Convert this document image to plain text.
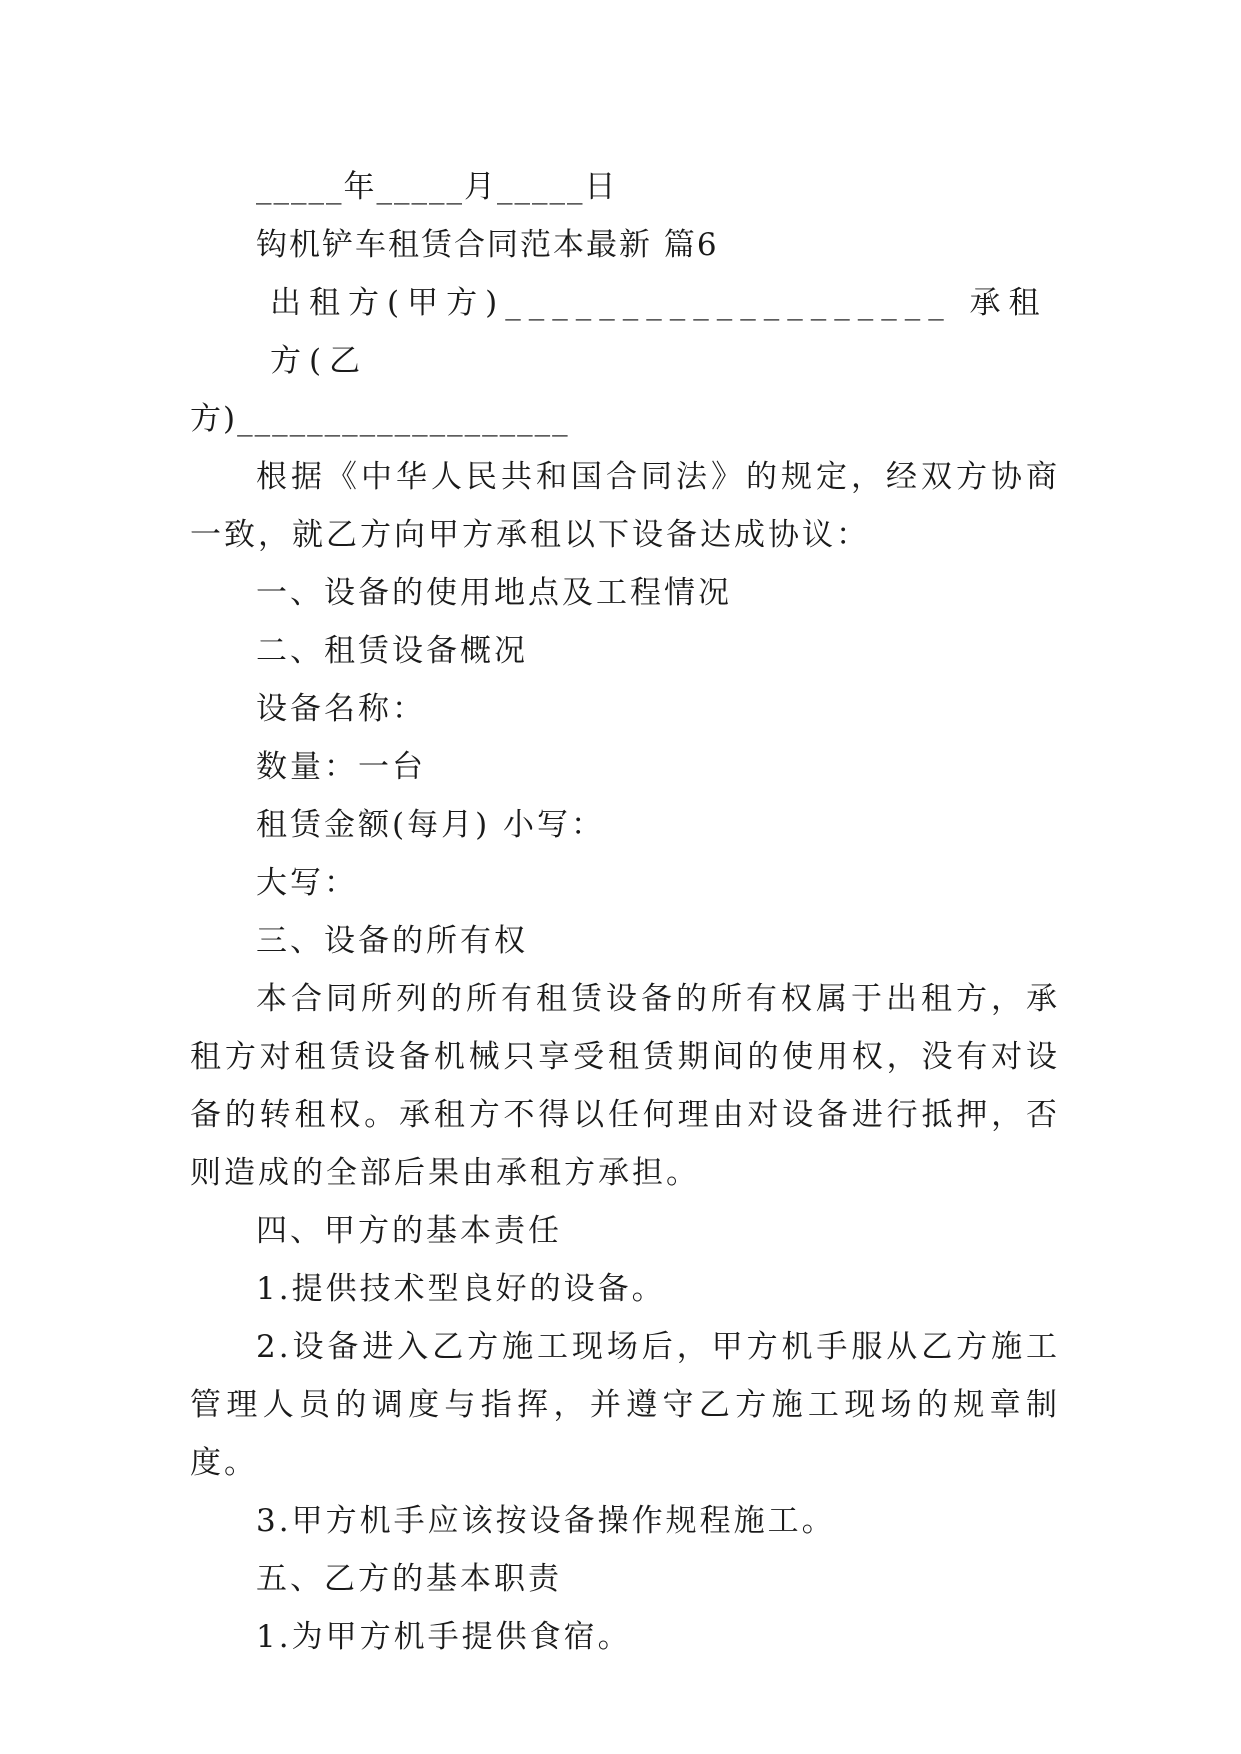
_____年_____月_____日

钩机铲车租赁合同范本最新 篇6

出租方(甲方)___________________ 承租方(乙

方)___________________

根据《中华人民共和国合同法》的规定，经双方协商一致，就乙方向甲方承租以下设备达成协议：

一、设备的使用地点及工程情况

二、租赁设备概况

设备名称：

数量：一台

租赁金额(每月) 小写：

大写：

三、设备的所有权

本合同所列的所有租赁设备的所有权属于出租方，承租方对租赁设备机械只享受租赁期间的使用权，没有对设备的转租权。承租方不得以任何理由对设备进行抵押，否则造成的全部后果由承租方承担。

四、甲方的基本责任

1.提供技术型良好的设备。

2.设备进入乙方施工现场后，甲方机手服从乙方施工管理人员的调度与指挥，并遵守乙方施工现场的规章制度。

3.甲方机手应该按设备操作规程施工。

五、乙方的基本职责

1.为甲方机手提供食宿。
